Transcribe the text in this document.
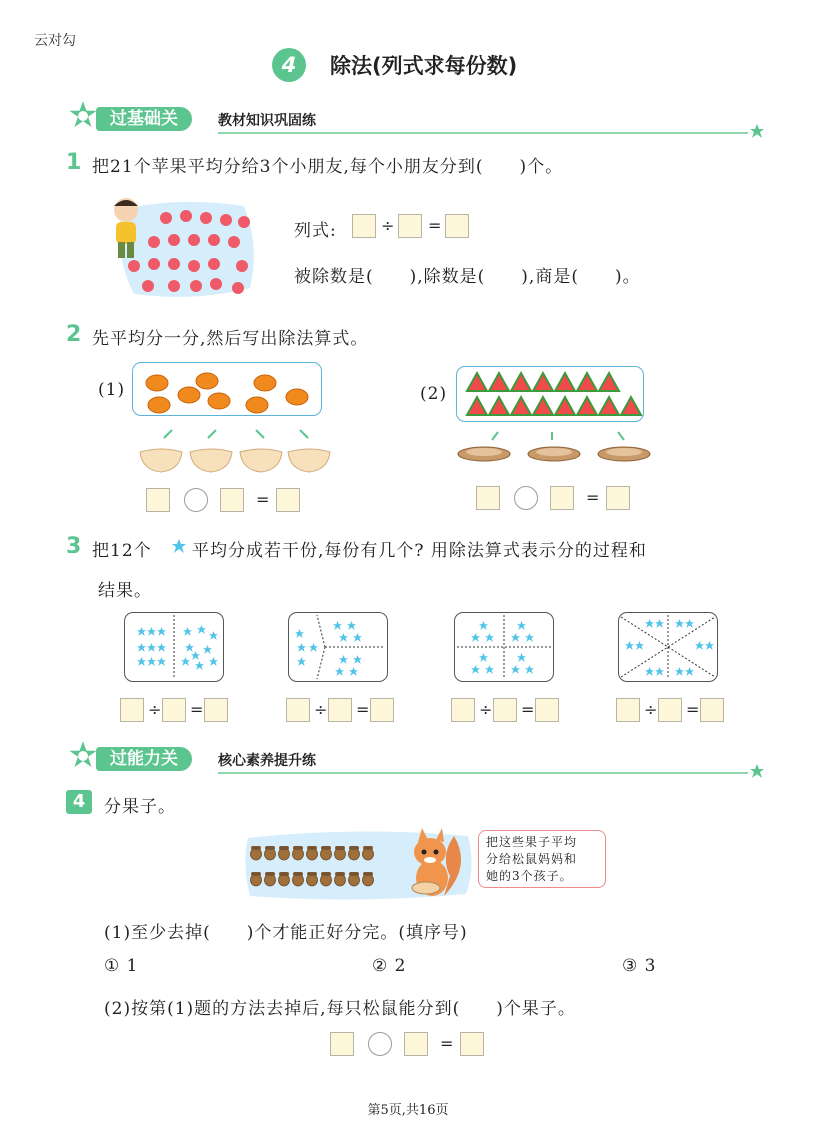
云对勾
4	除法(列式求每份数)
过基础关	教材知识巩固练
1 把21个苹果平均分给3个小朋友,每个小朋友分到(　　)个。
列式:	÷ =
被除数是(　　),除数是(　　),商是(　　)。
2 先平均分一分,然后写出除法算式。
(1)
=
(2)
=
3 把12个 平均分成若干份,每份有几个? 用除法算式表示分的过程和
结果。
÷ =	÷ =	÷ =	÷ =
过能力关	核心素养提升练
4	分果子。
把这些果子平均
分给松鼠妈妈和
她的3个孩子。
(1)至少去掉(　　)个才能正好分完。(填序号)
① 1	② 2	③ 3
(2)按第(1)题的方法去掉后,每只松鼠能分到(　　)个果子。
=
第5页,共16页
